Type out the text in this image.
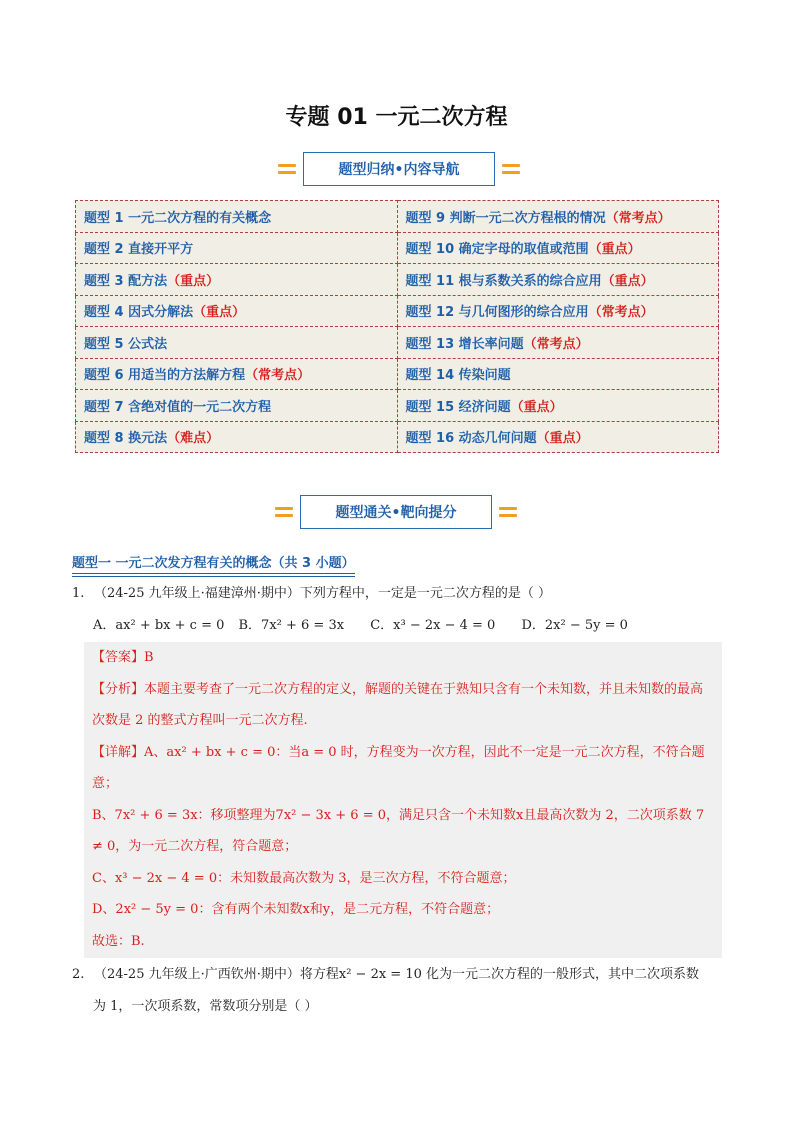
专题 01 一元二次方程
题型归纳•内容导航
题型 1 一元二次方程的有关概念	题型 9 判断一元二次方程根的情况（常考点）
题型 2 直接开平方	题型 10 确定字母的取值或范围（重点）
题型 3 配方法（重点）	题型 11 根与系数关系的综合应用（重点）
题型 4 因式分解法（重点）	题型 12 与几何图形的综合应用（常考点）
题型 5 公式法	题型 13 增长率问题（常考点）
题型 6 用适当的方法解方程（常考点）	题型 14 传染问题
题型 7 含绝对值的一元二次方程	题型 15 经济问题（重点）
题型 8 换元法（难点）	题型 16 动态几何问题（重点）
题型通关•靶向提分
题型一 一元二次发方程有关的概念（共 3 小题）
1. （24-25 九年级上·福建漳州·期中）下列方程中，一定是一元二次方程的是（ ）
A．ax² + bx + c = 0 B．7x² + 6 = 3x C．x³ − 2x − 4 = 0 D．2x² − 5y = 0

【答案】B

【分析】本题主要考查了一元二次方程的定义，解题的关键在于熟知只含有一个未知数，并且未知数的最高次数是 2 的整式方程叫一元二次方程.

【详解】A、ax² + bx + c = 0：当a = 0 时，方程变为一次方程，因此不一定是一元二次方程，不符合题意；

B、7x² + 6 = 3x：移项整理为7x² − 3x + 6 = 0，满足只含一个未知数x且最高次数为 2，二次项系数 7 ≠ 0，为一元二次方程，符合题意；

C、x³ − 2x − 4 = 0：未知数最高次数为 3，是三次方程，不符合题意；

D、2x² − 5y = 0：含有两个未知数x和y，是二元方程，不符合题意；

故选：B.

2. （24-25 九年级上·广西钦州·期中）将方程x² − 2x = 10 化为一元二次方程的一般形式，其中二次项系数
为 1，一次项系数，常数项分别是（ ）
